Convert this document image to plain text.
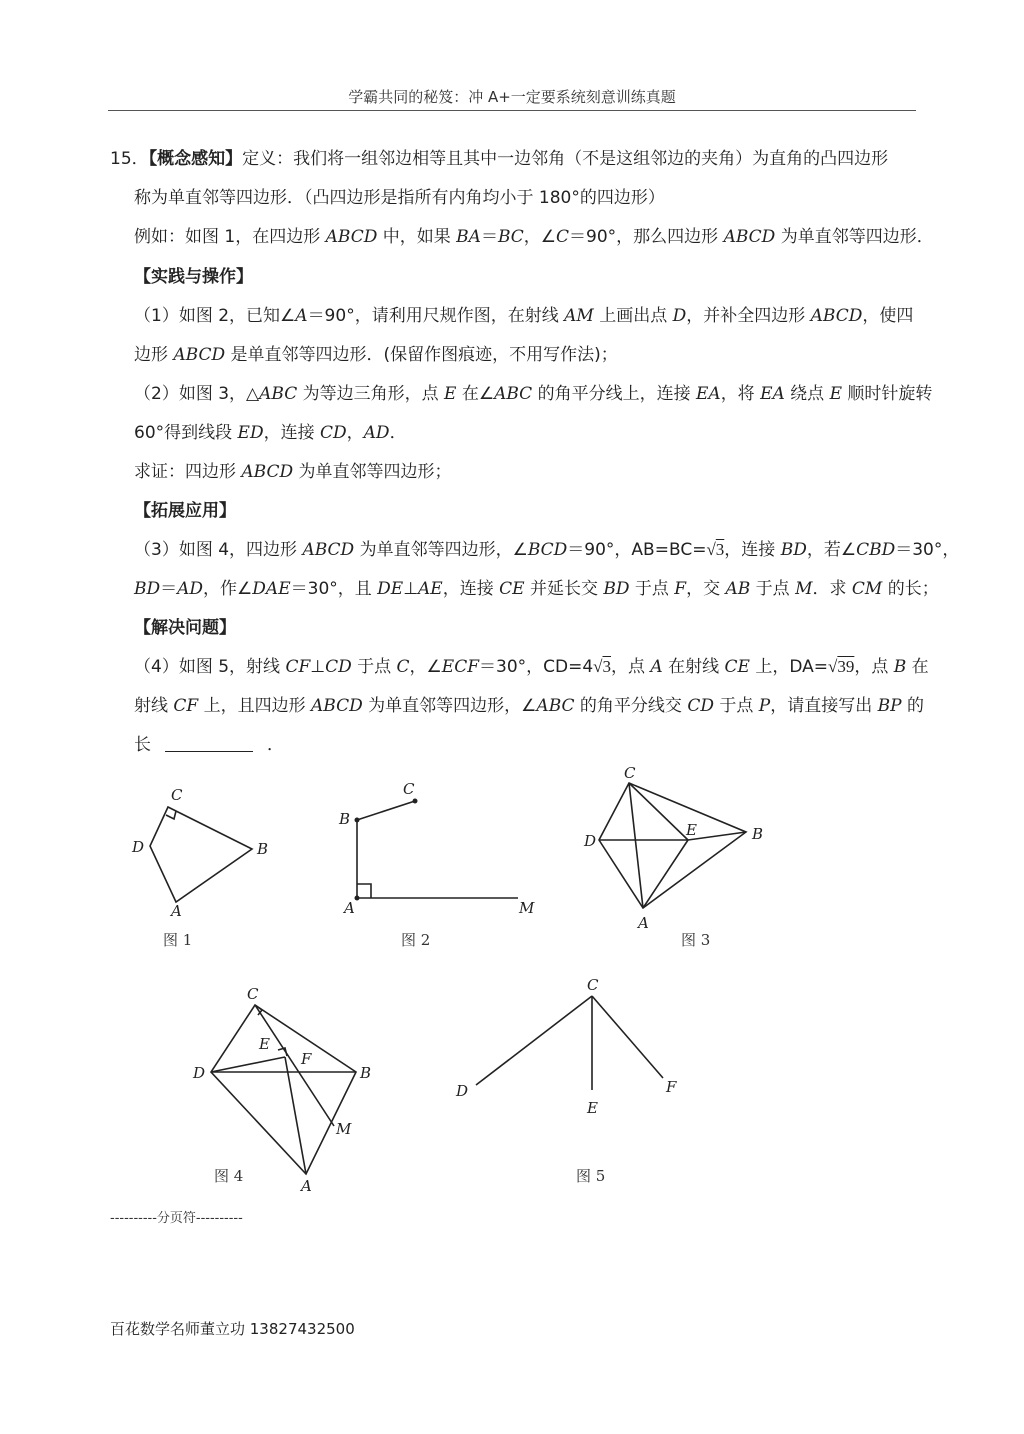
学霸共同的秘笈：冲 A+一定要系统刻意训练真题
15．【概念感知】定义：我们将一组邻边相等且其中一边邻角（不是这组邻边的夹角）为直角的凸四边形
称为单直邻等四边形．（凸四边形是指所有内角均小于 180°的四边形）
例如：如图 1，在四边形 ABCD 中，如果 BA＝BC，∠C＝90°，那么四边形 ABCD 为单直邻等四边形．
【实践与操作】
（1）如图 2，已知∠A＝90°，请利用尺规作图，在射线 AM 上画出点 D，并补全四边形 ABCD，使四
边形 ABCD 是单直邻等四边形．(保留作图痕迹，不用写作法)；
（2）如图 3，△ABC 为等边三角形，点 E 在∠ABC 的角平分线上，连接 EA，将 EA 绕点 E 顺时针旋转
60°得到线段 ED，连接 CD，AD．
求证：四边形 ABCD 为单直邻等四边形；
【拓展应用】
（3）如图 4，四边形 ABCD 为单直邻等四边形，∠BCD＝90°，AB=BC=√3，连接 BD，若∠CBD＝30°，
BD＝AD，作∠DAE＝30°，且 DE⊥AE，连接 CE 并延长交 BD 于点 F，交 AB 于点 M．求 CM 的长；
【解决问题】
（4）如图 5，射线 CF⊥CD 于点 C，∠ECF＝30°，CD=4√3，点 A 在射线 CE 上，DA=√39，点 B 在
射线 CF 上，且四边形 ABCD 为单直邻等四边形，∠ABC 的角平分线交 CD 于点 P，请直接写出 BP 的
长	．
C
B
A
D
图 1
B
C
A	M
图 2
C
B
E
D
A
图 3
C
E
F
D	B
M
A
图 4
C
D
E
F
图 5
----------分页符----------
百花数学名师董立功 13827432500
